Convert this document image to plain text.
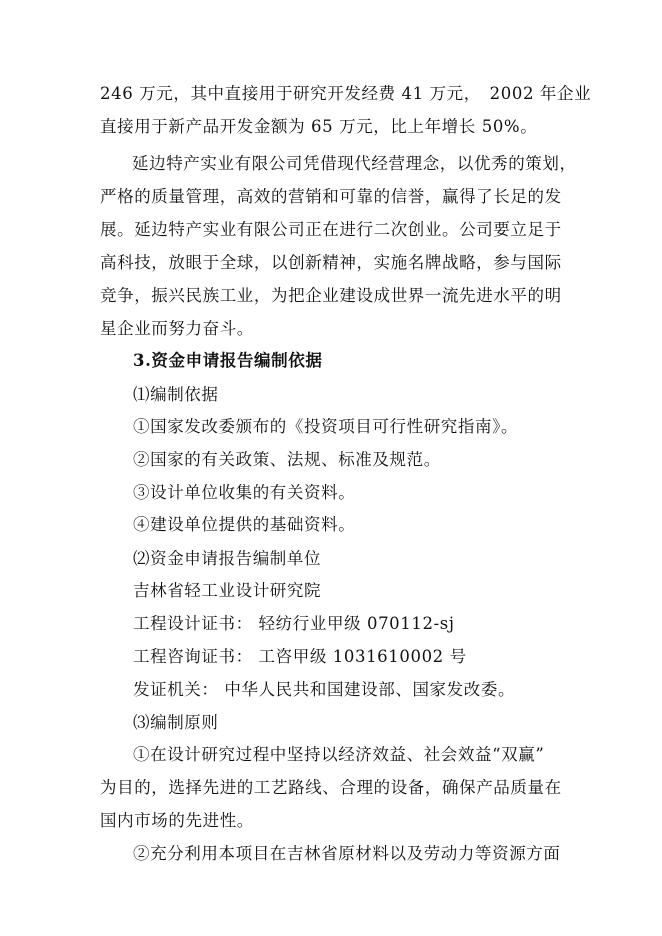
246 万元，其中直接用于研究开发经费 41 万元，　2002 年企业
直接用于新产品开发金额为 65 万元，比上年增长 50%。
延边特产实业有限公司凭借现代经营理念，以优秀的策划，
严格的质量管理，高效的营销和可靠的信誉，赢得了长足的发
展。延边特产实业有限公司正在进行二次创业。公司要立足于
高科技，放眼于全球，以创新精神，实施名牌战略，参与国际
竞争，振兴民族工业，为把企业建设成世界一流先进水平的明
星企业而努力奋斗。
3.资金申请报告编制依据
⑴编制依据
①国家发改委颁布的《投资项目可行性研究指南》。
②国家的有关政策、法规、标准及规范。
③设计单位收集的有关资料。
④建设单位提供的基础资料。
⑵资金申请报告编制单位
吉林省轻工业设计研究院
工程设计证书： 轻纺行业甲级 070112-sj
工程咨询证书： 工咨甲级 1031610002 号
发证机关： 中华人民共和国建设部、国家发改委。
⑶编制原则
①在设计研究过程中坚持以经济效益、社会效益“双赢”
为目的，选择先进的工艺路线、合理的设备，确保产品质量在
国内市场的先进性。
②充分利用本项目在吉林省原材料以及劳动力等资源方面
